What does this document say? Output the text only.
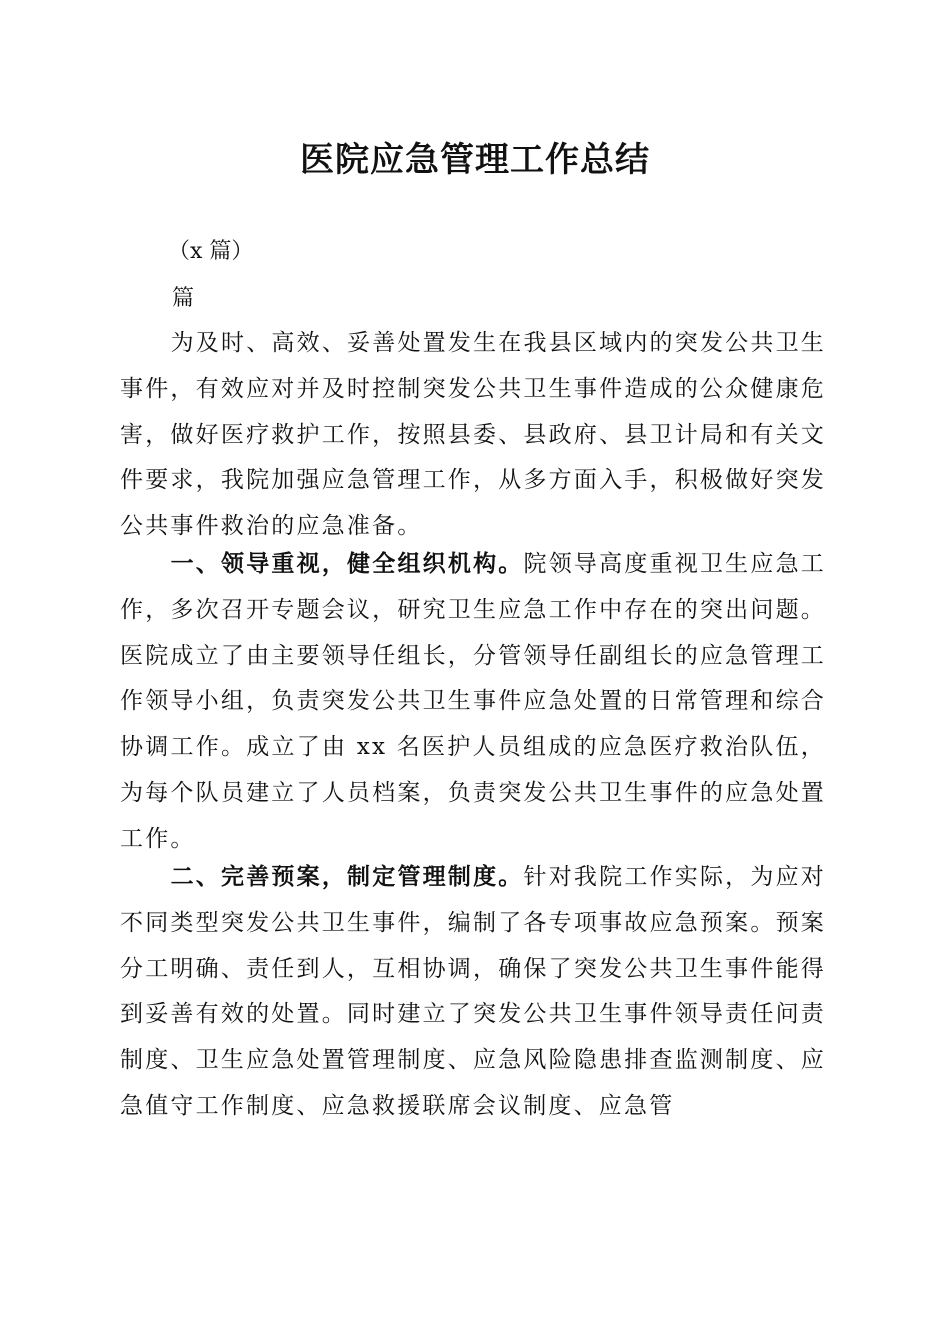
医院应急管理工作总结
（x 篇）
篇

为及时、高效、妥善处置发生在我县区域内的突发公共卫生事件，有效应对并及时控制突发公共卫生事件造成的公众健康危害，做好医疗救护工作，按照县委、县政府、县卫计局和有关文件要求，我院加强应急管理工作，从多方面入手，积极做好突发公共事件救治的应急准备。

一、领导重视，健全组织机构。院领导高度重视卫生应急工作，多次召开专题会议，研究卫生应急工作中存在的突出问题。医院成立了由主要领导任组长，分管领导任副组长的应急管理工作领导小组，负责突发公共卫生事件应急处置的日常管理和综合协调工作。成立了由 xx 名医护人员组成的应急医疗救治队伍，为每个队员建立了人员档案，负责突发公共卫生事件的应急处置工作。

二、完善预案，制定管理制度。针对我院工作实际，为应对不同类型突发公共卫生事件，编制了各专项事故应急预案。预案分工明确、责任到人，互相协调，确保了突发公共卫生事件能得到妥善有效的处置。同时建立了突发公共卫生事件领导责任问责制度、卫生应急处置管理制度、应急风险隐患排查监测制度、应急值守工作制度、应急救援联席会议制度、应急管
